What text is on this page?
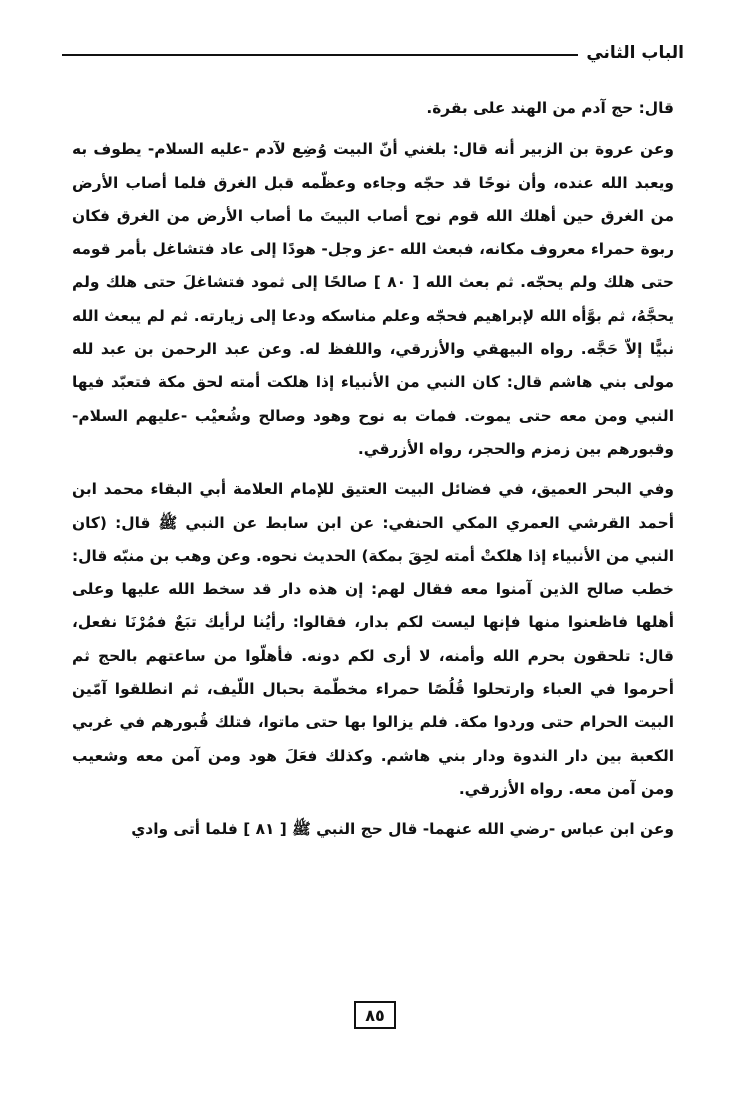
الباب الثاني

قال: حج آدم من الهند على بقرة.

وعن عروة بن الزبير أنه قال: بلغني أنّ البيت وُضِع لآدم -عليه السلام- يطوف به ويعبد الله عنده، وأن نوحًا قد حجّه وجاءه وعظّمه قبل الغرق فلما أصاب الأرض من الغرق حين أهلك الله قوم نوح أصاب البيتَ ما أصاب الأرض من الغرق فكان ربوة حمراء معروف مكانه، فبعث الله -عز وجل- هودًا إلى عاد فتشاغل بأمر قومه حتى هلك ولم يحجّه. ثم بعث الله [ ٨٠ ] صالحًا إلى ثمود فتشاغلَ حتى هلك ولم يحجَّهُ، ثم بوَّأه الله لإبراهيم فحجّه وعلم مناسكه ودعا إلى زيارته. ثم لم يبعث الله نبيًّا إلاّ حَجَّه. رواه البيهقي والأزرقي، واللفظ له. وعن عبد الرحمن بن عبد لله مولى بني هاشم قال: كان النبي من الأنبياء إذا هلكت أمته لحق مكة فتعبّد فيها النبي ومن معه حتى يموت. فمات به نوح وهود وصالح وشُعيْب -عليهم السلام- وقبورهم بين زمزم والحجر، رواه الأزرقي.

وفي البحر العميق، في فضائل البيت العتيق للإمام العلامة أبي البقاء محمد ابن أحمد القرشي العمري المكي الحنفي: عن ابن سابط عن النبي ﷺ قال: (كان النبي من الأنبياء إذا هلكتْ أمته لحِقَ بمكة) الحديث نحوه. وعن وهب بن منبّه قال: خطب صالح الذين آمنوا معه فقال لهم: إن هذه دار قد سخط الله عليها وعلى أهلها فاظعنوا منها فإنها ليست لكم بدار، فقالوا: رأيُنا لرأيك تبَعٌ فمُرْنَا نفعل، قال: تلحقون بحرم الله وأمنه، لا أرى لكم دونه. فأهلّوا من ساعتهم بالحج ثم أحرموا في العباء وارتحلوا قُلُصًا حمراء مخطّمة بحبال اللّيف، ثم انطلقوا آمّين البيت الحرام حتى وردوا مكة. فلم يزالوا بها حتى ماتوا، فتلك قُبورهم في غربي الكعبة بين دار الندوة ودار بني هاشم. وكذلك فعَلَ هود ومن آمن معه وشعيب ومن آمن معه. رواه الأزرقي.

وعن ابن عباس -رضي الله عنهما- قال حج النبي ﷺ [ ٨١ ] فلما أتى وادي

٨٥
